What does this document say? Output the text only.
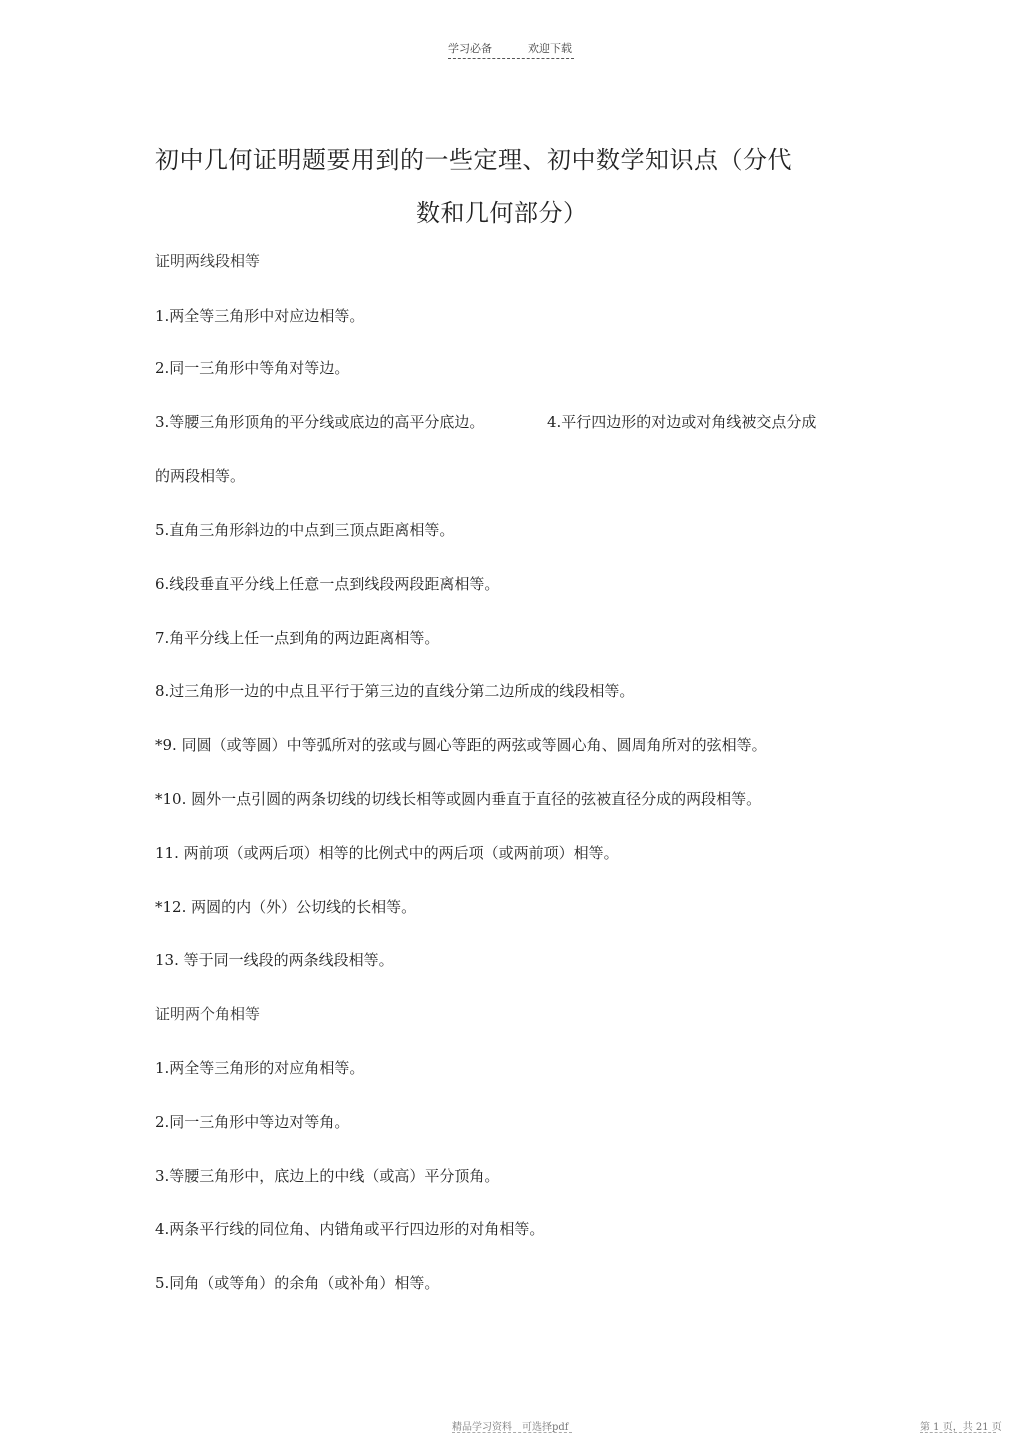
学习必备	欢迎下载
初中几何证明题要用到的一些定理、初中数学知识点（分代
数和几何部分）
证明两线段相等
1.两全等三角形中对应边相等。
2.同一三角形中等角对等边。
3.等腰三角形顶角的平分线或底边的高平分底边。	4.平行四边形的对边或对角线被交点分成
的两段相等。
5.直角三角形斜边的中点到三顶点距离相等。
6.线段垂直平分线上任意一点到线段两段距离相等。
7.角平分线上任一点到角的两边距离相等。
8.过三角形一边的中点且平行于第三边的直线分第二边所成的线段相等。
*9. 同圆（或等圆）中等弧所对的弦或与圆心等距的两弦或等圆心角、圆周角所对的弦相等。
*10. 圆外一点引圆的两条切线的切线长相等或圆内垂直于直径的弦被直径分成的两段相等。
11. 两前项（或两后项）相等的比例式中的两后项（或两前项）相等。
*12. 两圆的内（外）公切线的长相等。
13. 等于同一线段的两条线段相等。
证明两个角相等
1.两全等三角形的对应角相等。
2.同一三角形中等边对等角。
3.等腰三角形中，底边上的中线（或高）平分顶角。
4.两条平行线的同位角、内错角或平行四边形的对角相等。
5.同角（或等角）的余角（或补角）相等。
精品学习资料　可选择pdf	第 1 页，共 21 页
